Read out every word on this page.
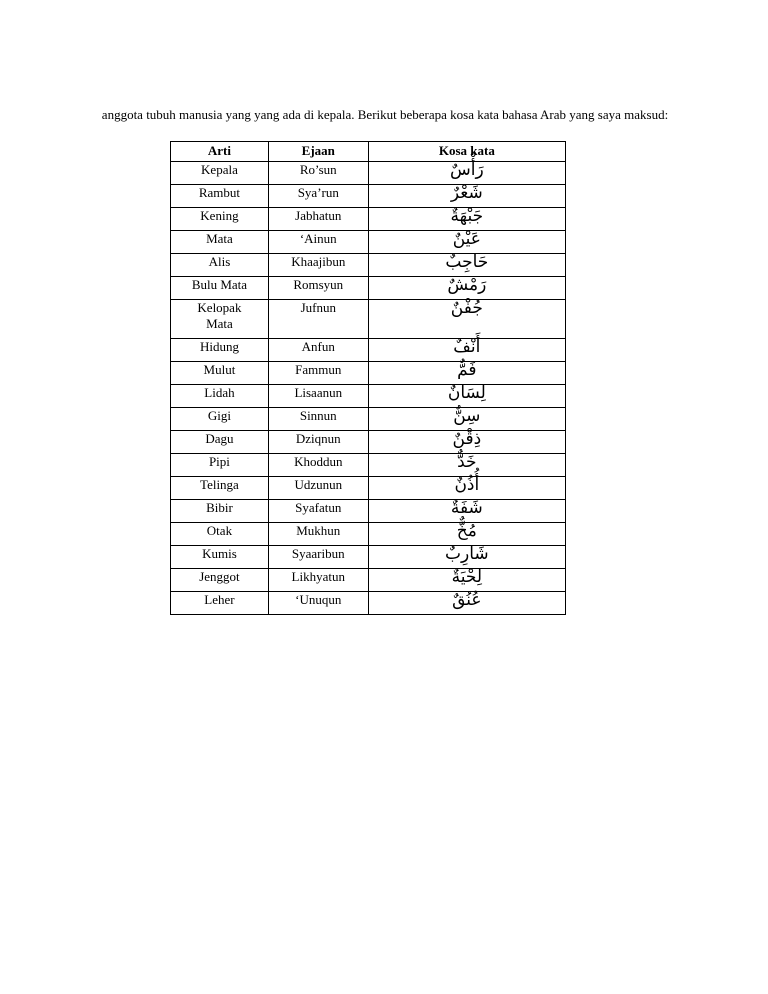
anggota tubuh manusia yang yang ada di kepala. Berikut beberapa kosa kata bahasa Arab yang saya maksud:

Arti	Ejaan	Kosa kata
Kepala	Ro’sun	رَأْسٌ
Rambut	Sya’run	شَعْرٌ
Kening	Jabhatun	جَبْهَةٌ
Mata	‘Ainun	عَيْنٌ
Alis	Khaajibun	حَاجِبٌ
Bulu Mata	Romsyun	رَمْشٌ
Kelopak Mata	Jufnun	جُفْنٌ
Hidung	Anfun	أَنْفٌ
Mulut	Fammun	فَمٌّ
Lidah	Lisaanun	لِسَانٌ
Gigi	Sinnun	سِنٌّ
Dagu	Dziqnun	ذِقْنٌ
Pipi	Khoddun	خَدٌّ
Telinga	Udzunun	أُذُنٌ
Bibir	Syafatun	شَفَةٌ
Otak	Mukhun	مُخٌّ
Kumis	Syaaribun	شَارِبٌ
Jenggot	Likhyatun	لِحْيَةٌ
Leher	‘Unuqun	عُنُقٌ
